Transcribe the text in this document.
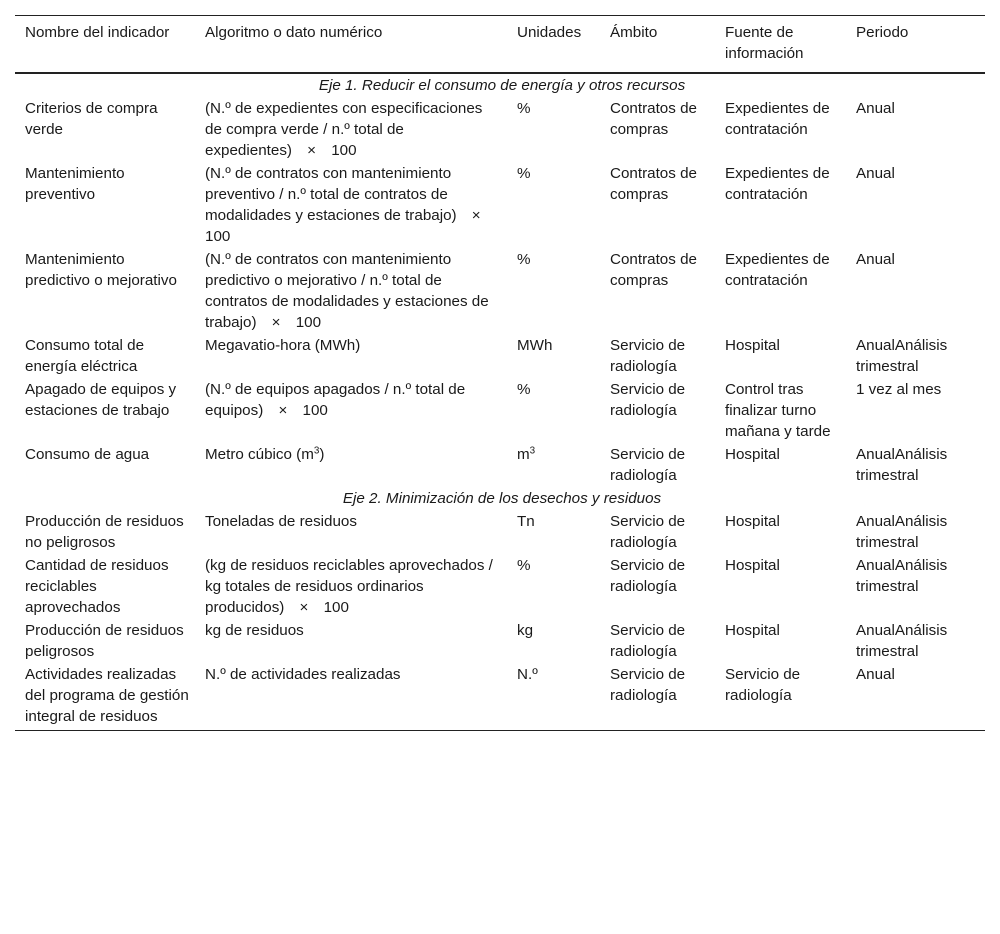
Nombre del indicador	Algoritmo o dato numérico	Unidades	Ámbito	Fuente de información	Periodo
Eje 1. Reducir el consumo de energía y otros recursos					
Criterios de compra verde	(N.º de expedientes con especificaciones de compra verde / n.º total de expedientes) × 100	%	Contratos de compras	Expedientes de contratación	Anual
Mantenimiento preventivo	(N.º de contratos con mantenimiento preventivo / n.º total de contratos de modalidades y estaciones de trabajo) × 100	%	Contratos de compras	Expedientes de contratación	Anual
Mantenimiento predictivo o mejorativo	(N.º de contratos con mantenimiento predictivo o mejorativo / n.º total de contratos de modalidades y estaciones de trabajo) × 100	%	Contratos de compras	Expedientes de contratación	Anual
Consumo total de energía eléctrica	Megavatio-hora (MWh)	MWh	Servicio de radiología	Hospital	AnualAnálisis trimestral
Apagado de equipos y estaciones de trabajo	(N.º de equipos apagados / n.º total de equipos) × 100	%	Servicio de radiología	Control tras finalizar turno mañana y tarde	1 vez al mes
Consumo de agua	Metro cúbico $(m^3)$	$m^3$	Servicio de radiología	Hospital	AnualAnálisis trimestral
Eje 2. Minimización de los desechos y residuos					
Producción de residuos no peligrosos	Toneladas de residuos	Tn	Servicio de radiología	Hospital	AnualAnálisis trimestral
Cantidad de residuos reciclables aprovechados	(kg de residuos reciclables aprovechados / kg totales de residuos ordinarios producidos) × 100	%	Servicio de radiología	Hospital	AnualAnálisis trimestral
Producción de residuos peligrosos	kg de residuos	kg	Servicio de radiología	Hospital	AnualAnálisis trimestral
Actividades realizadas del programa de gestión integral de residuos	N.º de actividades realizadas	N.º	Servicio de radiología	Servicio de radiología	Anual
